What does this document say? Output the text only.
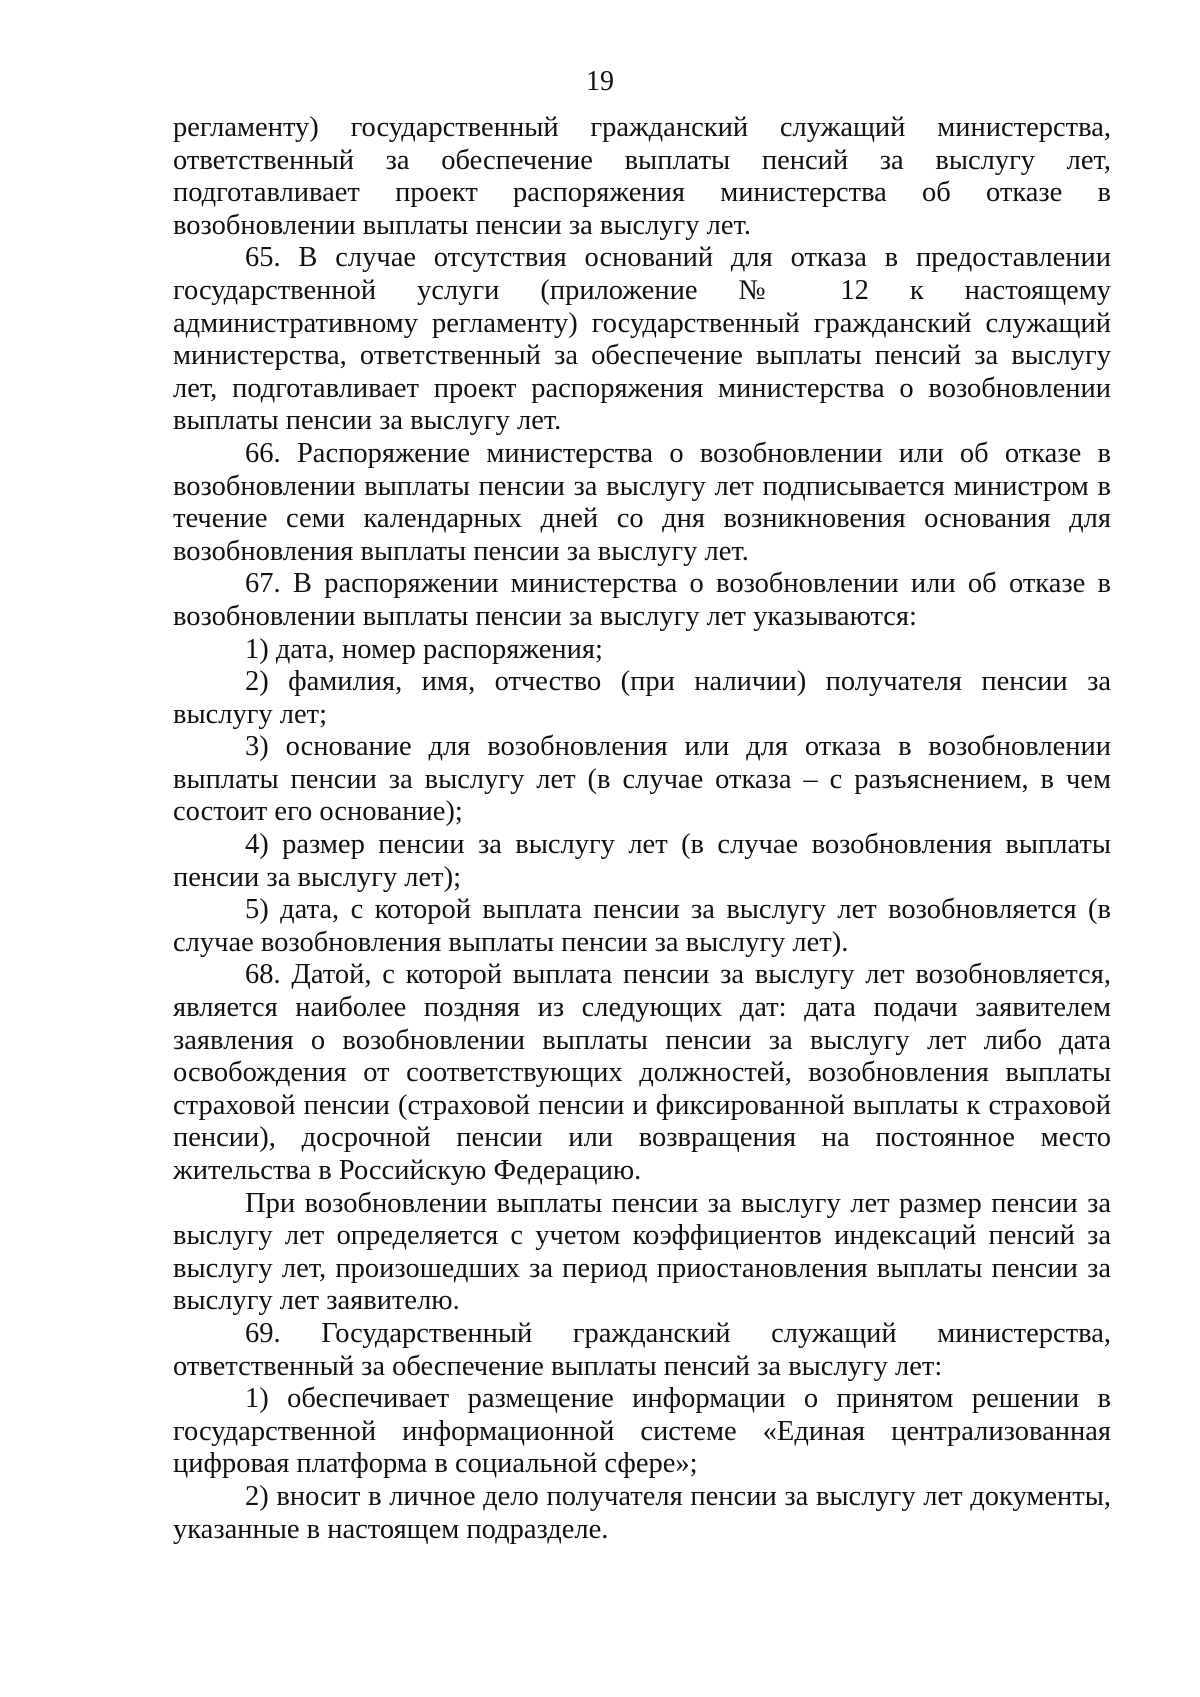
19

регламенту) государственный гражданский служащий министерства, ответственный за обеспечение выплаты пенсий за выслугу лет, подготавливает проект распоряжения министерства об отказе в возобновлении выплаты пенсии за выслугу лет.

65. В случае отсутствия оснований для отказа в предоставлении государственной услуги (приложение № 12 к настоящему административному регламенту) государственный гражданский служащий министерства, ответственный за обеспечение выплаты пенсий за выслугу лет, подготавливает проект распоряжения министерства о возобновлении выплаты пенсии за выслугу лет.

66. Распоряжение министерства о возобновлении или об отказе в возобновлении выплаты пенсии за выслугу лет подписывается министром в течение семи календарных дней со дня возникновения основания для возобновления выплаты пенсии за выслугу лет.

67. В распоряжении министерства о возобновлении или об отказе в возобновлении выплаты пенсии за выслугу лет указываются:

1) дата, номер распоряжения;

2) фамилия, имя, отчество (при наличии) получателя пенсии за выслугу лет;

3) основание для возобновления или для отказа в возобновлении выплаты пенсии за выслугу лет (в случае отказа – с разъяснением, в чем состоит его основание);

4) размер пенсии за выслугу лет (в случае возобновления выплаты пенсии за выслугу лет);

5) дата, с которой выплата пенсии за выслугу лет возобновляется (в случае возобновления выплаты пенсии за выслугу лет).

68. Датой, с которой выплата пенсии за выслугу лет возобновляется, является наиболее поздняя из следующих дат: дата подачи заявителем заявления о возобновлении выплаты пенсии за выслугу лет либо дата освобождения от соответствующих должностей, возобновления выплаты страховой пенсии (страховой пенсии и фиксированной выплаты к страховой пенсии), досрочной пенсии или возвращения на постоянное место жительства в Российскую Федерацию.

При возобновлении выплаты пенсии за выслугу лет размер пенсии за выслугу лет определяется с учетом коэффициентов индексаций пенсий за выслугу лет, произошедших за период приостановления выплаты пенсии за выслугу лет заявителю.

69. Государственный гражданский служащий министерства, ответственный за обеспечение выплаты пенсий за выслугу лет:

1) обеспечивает размещение информации о принятом решении в государственной информационной системе «Единая централизованная цифровая платформа в социальной сфере»;

2) вносит в личное дело получателя пенсии за выслугу лет документы, указанные в настоящем подразделе.
